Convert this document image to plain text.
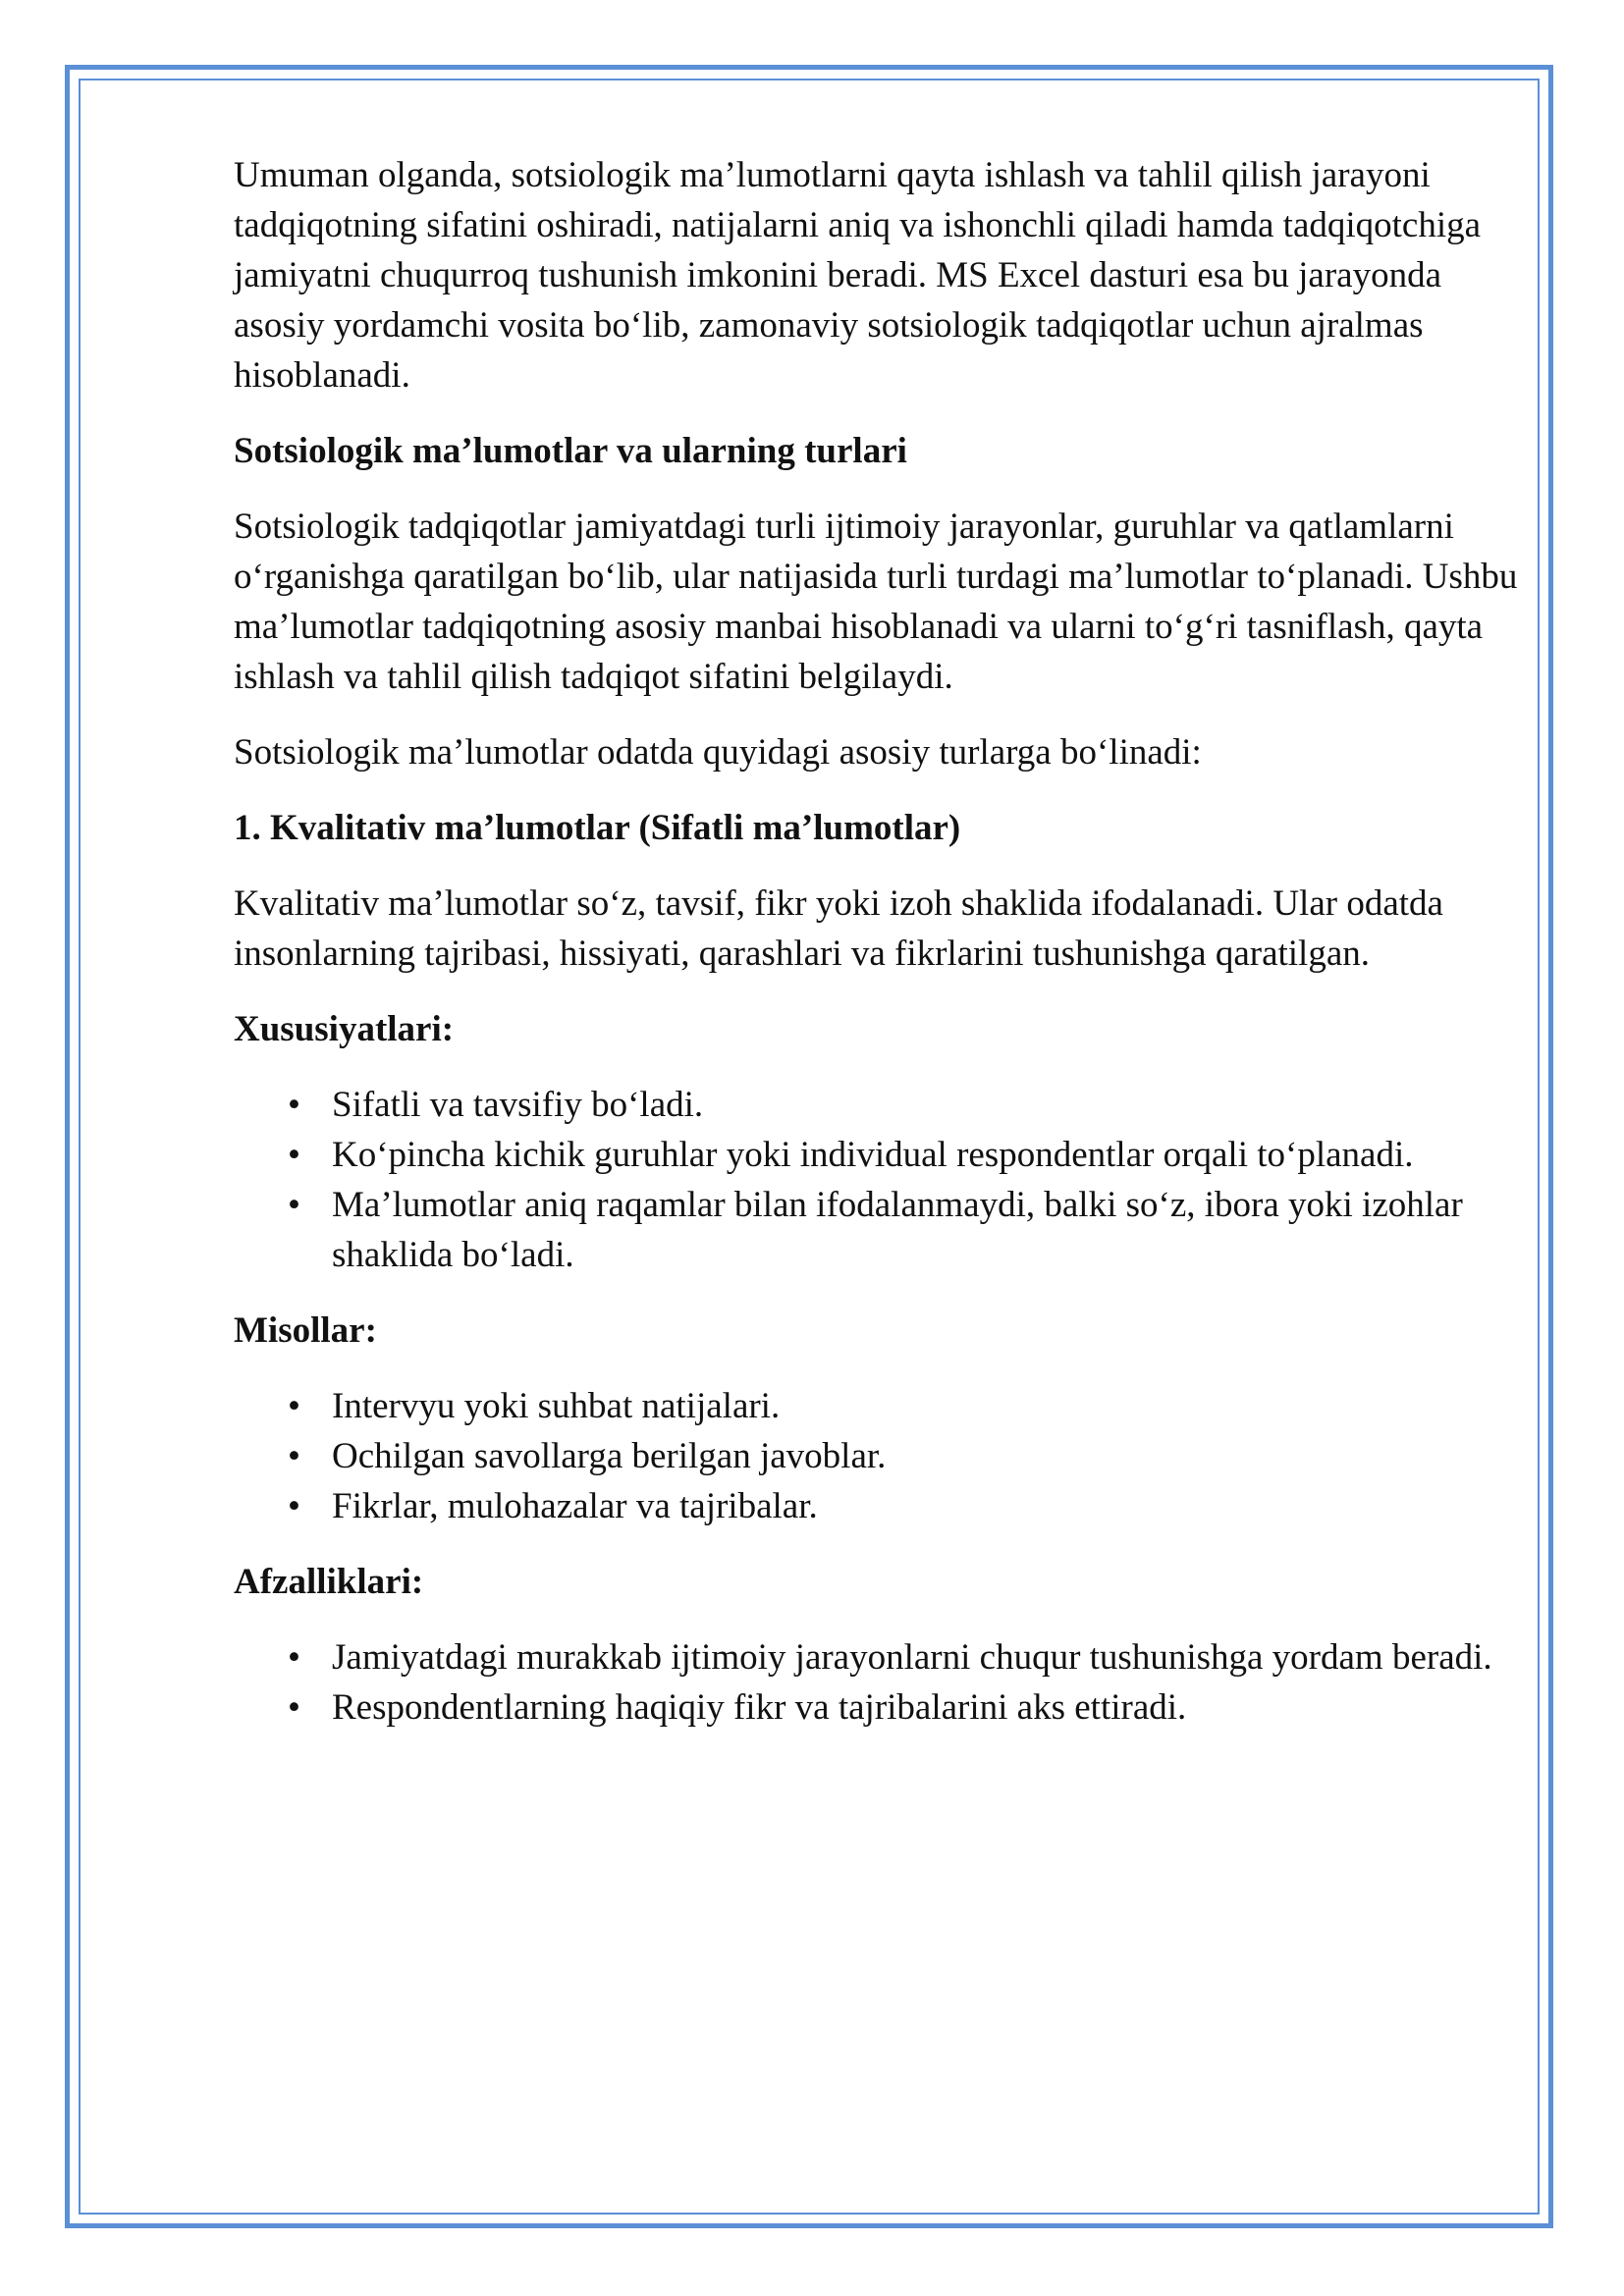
Umuman olganda, sotsiologik ma’lumotlarni qayta ishlash va tahlil qilish jarayoni tadqiqotning sifatini oshiradi, natijalarni aniq va ishonchli qiladi hamda tadqiqotchiga jamiyatni chuqurroq tushunish imkonini beradi. MS Excel dasturi esa bu jarayonda asosiy yordamchi vosita bo‘lib, zamonaviy sotsiologik tadqiqotlar uchun ajralmas hisoblanadi.

Sotsiologik ma’lumotlar va ularning turlari

Sotsiologik tadqiqotlar jamiyatdagi turli ijtimoiy jarayonlar, guruhlar va qatlamlarni o‘rganishga qaratilgan bo‘lib, ular natijasida turli turdagi ma’lumotlar to‘planadi. Ushbu ma’lumotlar tadqiqotning asosiy manbai hisoblanadi va ularni to‘g‘ri tasniflash, qayta ishlash va tahlil qilish tadqiqot sifatini belgilaydi.

Sotsiologik ma’lumotlar odatda quyidagi asosiy turlarga bo‘linadi:

1. Kvalitativ ma’lumotlar (Sifatli ma’lumotlar)

Kvalitativ ma’lumotlar so‘z, tavsif, fikr yoki izoh shaklida ifodalanadi. Ular odatda insonlarning tajribasi, hissiyati, qarashlari va fikrlarini tushunishga qaratilgan.

Xususiyatlari:

• Sifatli va tavsifiy bo‘ladi.
• Ko‘pincha kichik guruhlar yoki individual respondentlar orqali to‘planadi.
• Ma’lumotlar aniq raqamlar bilan ifodalanmaydi, balki so‘z, ibora yoki izohlar shaklida bo‘ladi.

Misollar:

• Intervyu yoki suhbat natijalari.
• Ochilgan savollarga berilgan javoblar.
• Fikrlar, mulohazalar va tajribalar.

Afzalliklari:

• Jamiyatdagi murakkab ijtimoiy jarayonlarni chuqur tushunishga yordam beradi.
• Respondentlarning haqiqiy fikr va tajribalarini aks ettiradi.
